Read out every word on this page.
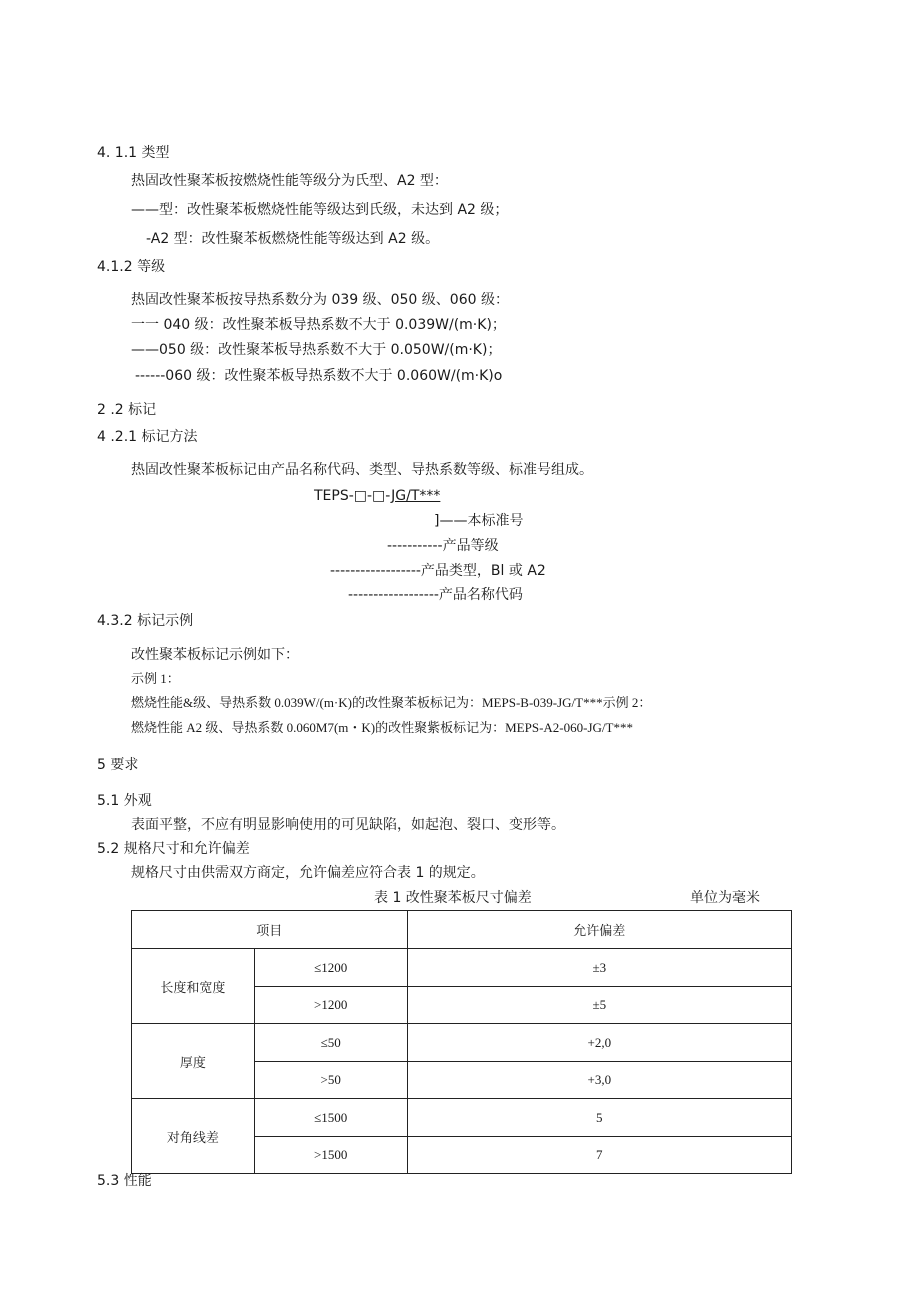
4. 1.1 类型
热固改性聚苯板按燃烧性能等级分为氏型、A2 型：
——型：改性聚苯板燃烧性能等级达到氏级，未达到 A2 级；
-A2 型：改性聚苯板燃烧性能等级达到 A2 级。
4.1.2 等级
热固改性聚苯板按导热系数分为 039 级、050 级、060 级：
一一 040 级：改性聚苯板导热系数不大于 0.039W/(m·K)；
——050 级：改性聚苯板导热系数不大于 0.050W/(m·K)；
------060 级：改性聚苯板导热系数不大于 0.060W/(m·K)o
2 .2 标记
4 .2.1 标记方法
热固改性聚苯板标记由产品名称代码、类型、导热系数等级、标准号组成。
TEPS-□-□-JG/T***
]——本标准号
-----------产品等级
------------------产品类型，Bl 或 A2
------------------产品名称代码
4.3.2 标记示例
改性聚苯板标记示例如下：
示例 1：
燃烧性能&级、导热系数 0.039W/(m·K)的改性聚苯板标记为：MEPS-B-039-JG/T***示例 2：
燃烧性能 A2 级、导热系数 0.060M7(m・K)的改性聚紫板标记为：MEPS-A2-060-JG/T***
5 要求
5.1 外观
表面平整，不应有明显影响使用的可见缺陷，如起泡、裂口、变形等。
5.2 规格尺寸和允许偏差
规格尺寸由供需双方商定，允许偏差应符合表 1 的规定。
表 1 改性聚苯板尺寸偏差	单位为毫米
项目		允许偏差
长度和宽度	≤1200	±3
	>1200	±5
厚度	≤50	+2,0
	>50	+3,0
对角线差	≤1500	5
	>1500	7
5.3 性能
